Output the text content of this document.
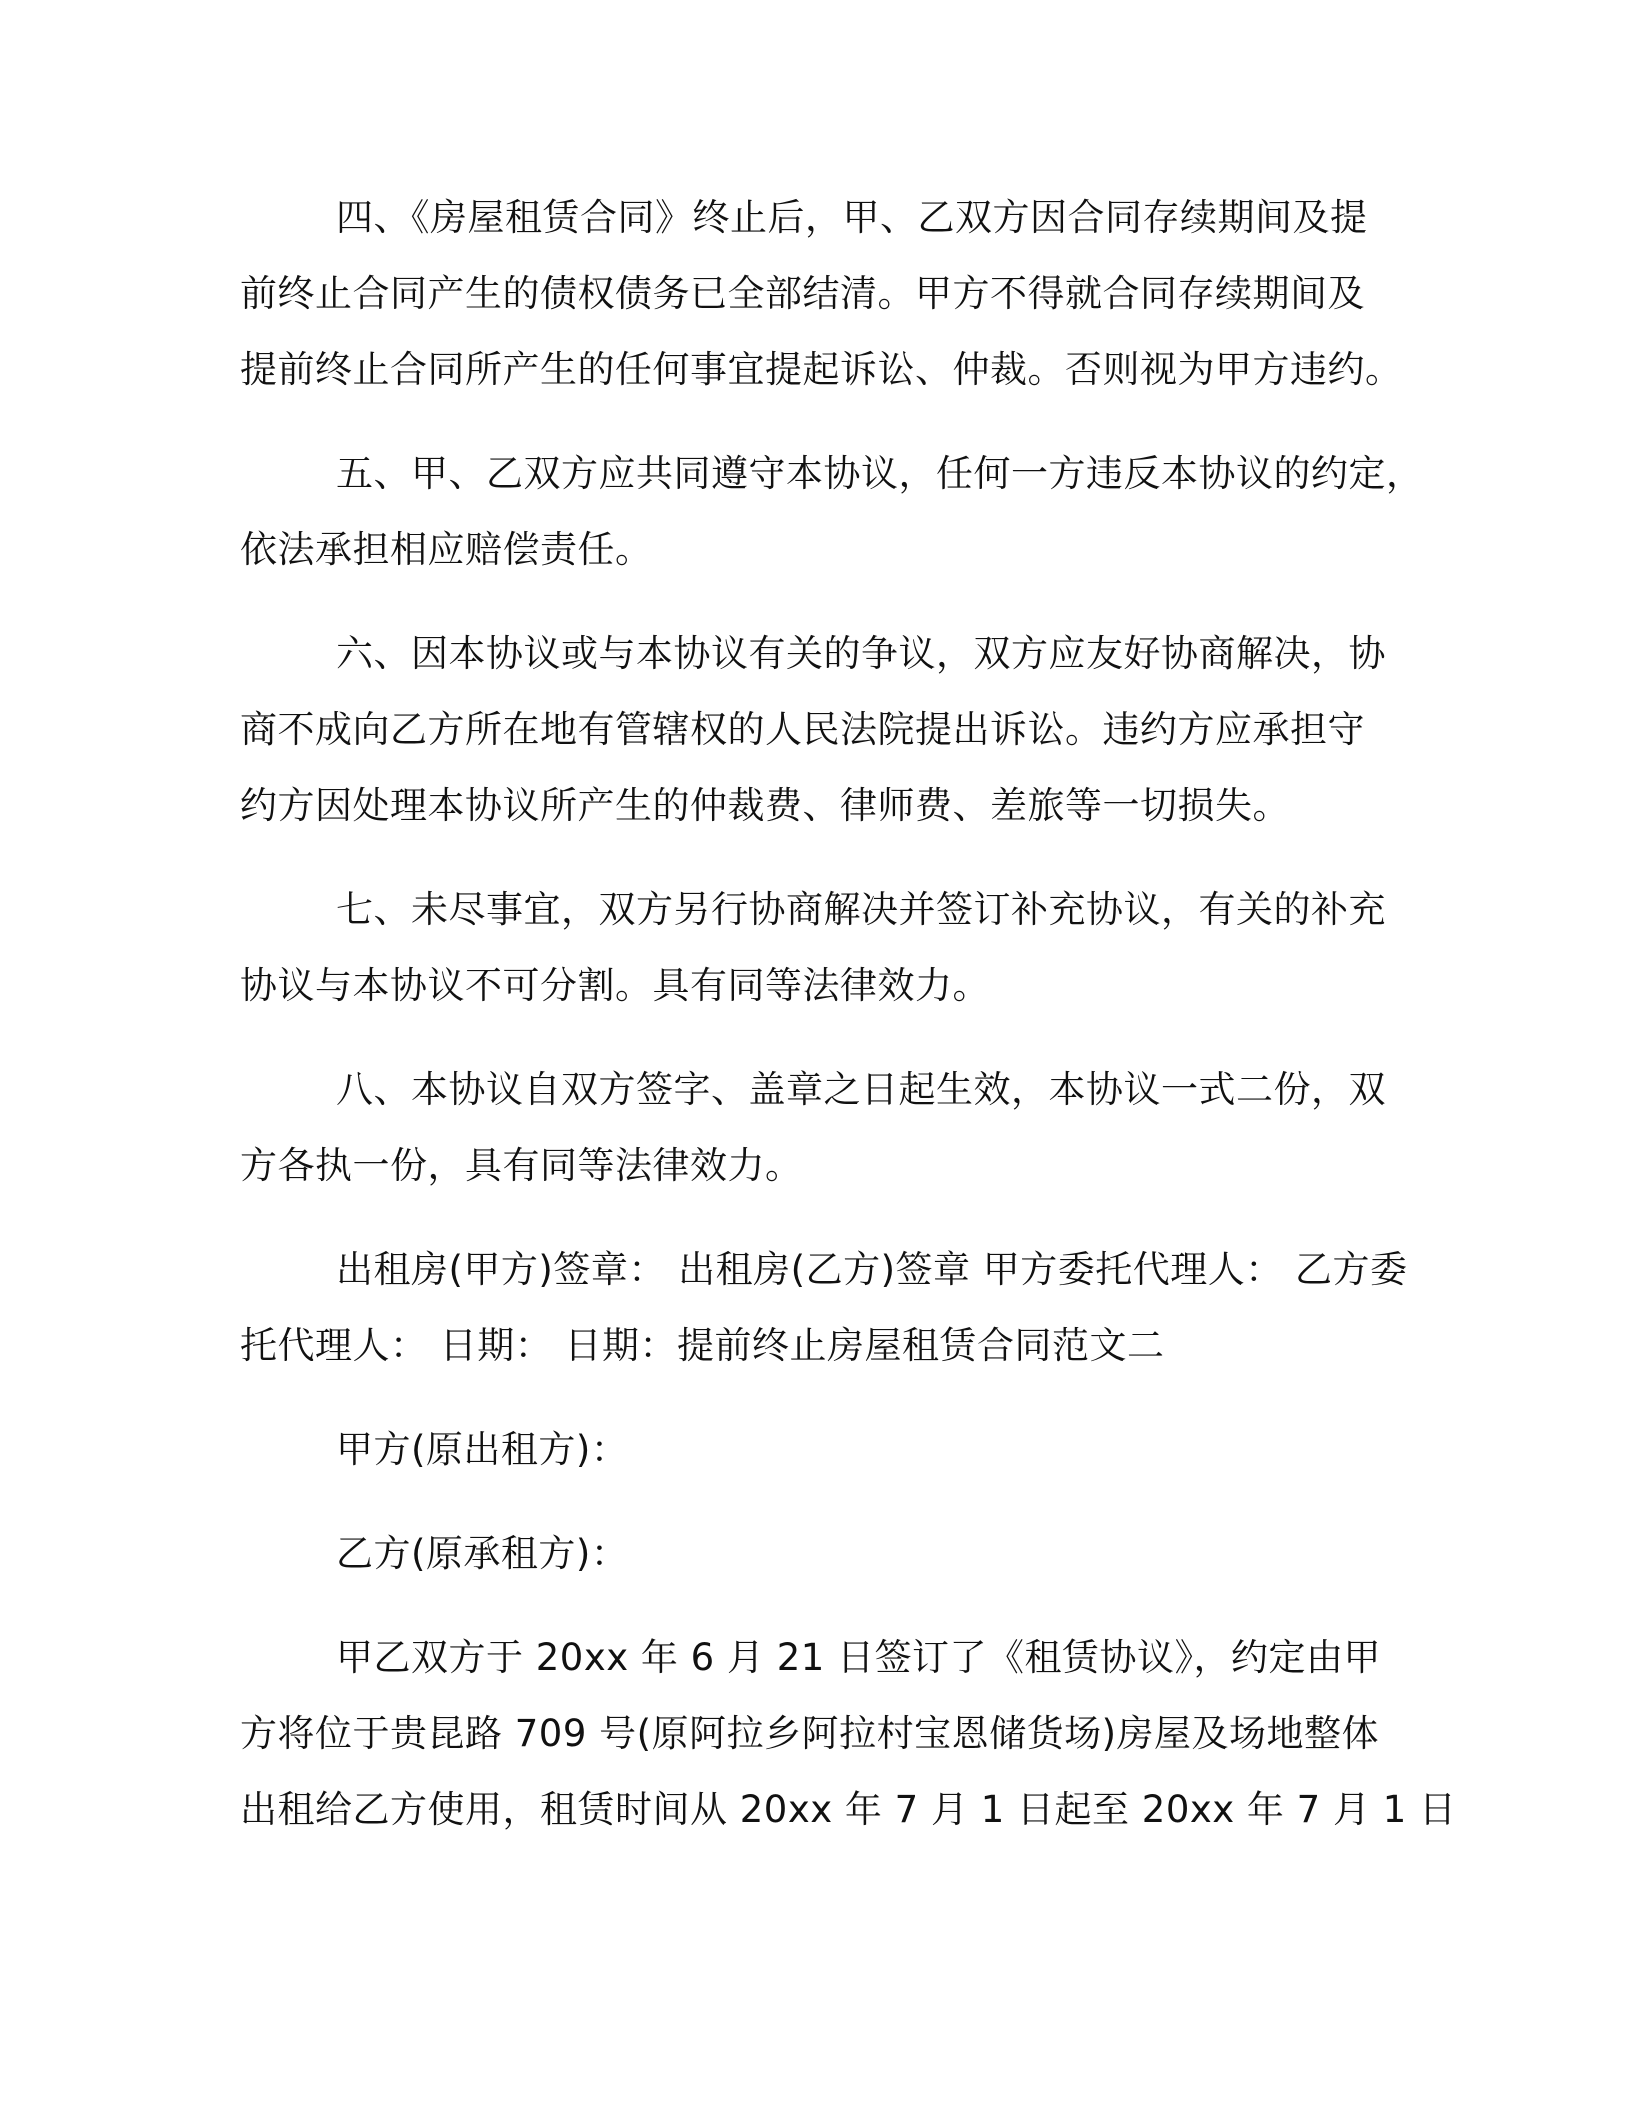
四、《房屋租赁合同》终止后，甲、乙双方因合同存续期间及提

前终止合同产生的债权债务已全部结清。甲方不得就合同存续期间及

提前终止合同所产生的任何事宜提起诉讼、仲裁。否则视为甲方违约。

五、甲、乙双方应共同遵守本协议，任何一方违反本协议的约定，

依法承担相应赔偿责任。

六、因本协议或与本协议有关的争议，双方应友好协商解决，协

商不成向乙方所在地有管辖权的人民法院提出诉讼。违约方应承担守

约方因处理本协议所产生的仲裁费、律师费、差旅等一切损失。

七、未尽事宜，双方另行协商解决并签订补充协议，有关的补充

协议与本协议不可分割。具有同等法律效力。

八、本协议自双方签字、盖章之日起生效，本协议一式二份，双

方各执一份，具有同等法律效力。

出租房(甲方)签章： 出租房(乙方)签章 甲方委托代理人： 乙方委

托代理人： 日期： 日期：提前终止房屋租赁合同范文二

甲方(原出租方)：

乙方(原承租方)：

甲乙双方于 20xx 年 6 月 21 日签订了《租赁协议》，约定由甲

方将位于贵昆路 709 号(原阿拉乡阿拉村宝恩储货场)房屋及场地整体

出租给乙方使用，租赁时间从 20xx 年 7 月 1 日起至 20xx 年 7 月 1 日
